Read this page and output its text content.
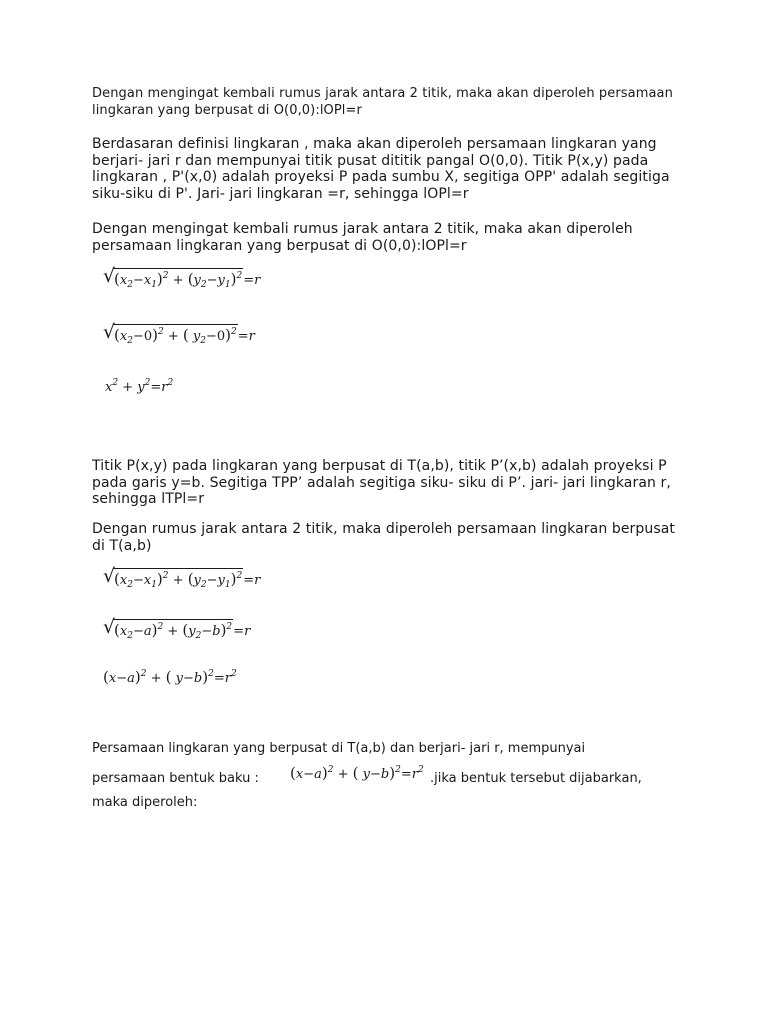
Dengan mengingat kembali rumus jarak antara 2 titik, maka akan diperoleh persamaan lingkaran yang berpusat di O(0,0):lOPl=r

Berdasaran definisi lingkaran , maka akan diperoleh persamaan lingkaran yang berjari- jari r dan mempunyai titik pusat dititik pangal O(0,0). Titik P(x,y) pada lingkaran , P'(x,0) adalah proyeksi P pada sumbu X, segitiga OPP' adalah segitiga siku-siku di P'. Jari- jari lingkaran =r, sehingga lOPl=r

Dengan mengingat kembali rumus jarak antara 2 titik, maka akan diperoleh persamaan lingkaran yang berpusat di O(0,0):lOPl=r

√
$(x_2-x_1)^2 + (y_2-y_1)^2=r$
√
$(x_2-0)^2$ + ( $y_2-0)^2=r$
$x^2 + y^2=r^2$

Titik P(x,y) pada lingkaran yang berpusat di T(a,b), titik P’(x,b) adalah proyeksi P pada garis y=b. Segitiga TPP’ adalah segitiga siku- siku di P’. jari- jari lingkaran r, sehingga lTPl=r

Dengan rumus jarak antara 2 titik, maka diperoleh persamaan lingkaran berpusat di T(a,b)

√
$(x_2-x_1)^2 + (y_2-y_1)^2=r$
√
$(x_2-a)^2 + (y_2-b)^2=r$
$(x-a)^2$ + ( $y-b)^2=r^2$
Persamaan lingkaran yang berpusat di T(a,b) dan berjari- jari r, mempunyai
persamaan bentuk baku : $(x-a)^2$ + ( $y-b)^2=r^2$
.jika bentuk tersebut dijabarkan,
maka diperoleh:
